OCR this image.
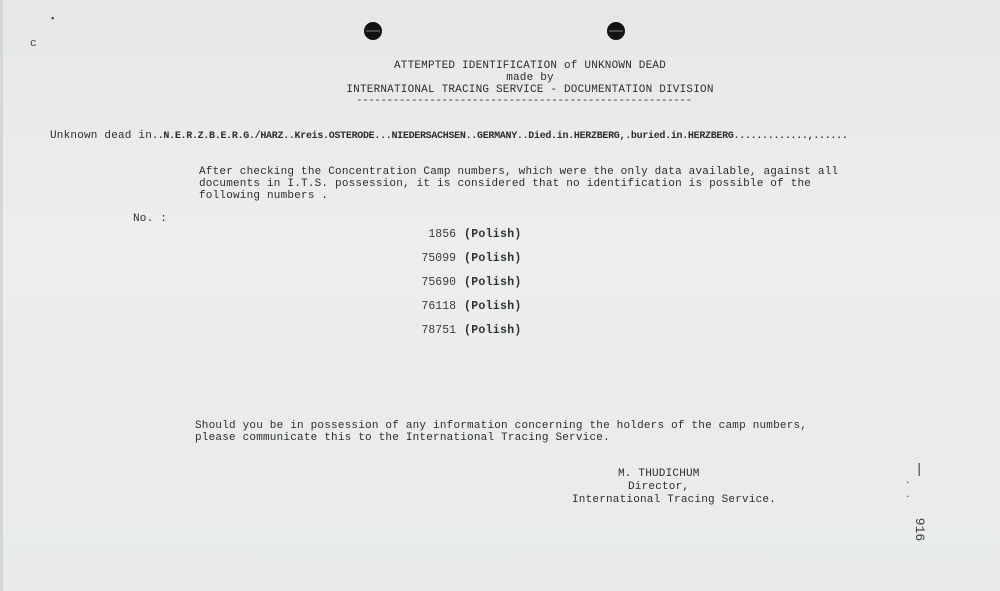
▪
c
ATTEMPTED IDENTIFICATION of UNKNOWN DEAD
made by
INTERNATIONAL TRACING SERVICE - DOCUMENTATION DIVISION
-------------------------------------------------------
Unknown dead in..N.E.R.Z.B.E.R.G./HARZ..Kreis.OSTERODE...NIEDERSACHSEN..GERMANY..Died.in.HERZBERG,.buried.in.HERZBERG.............,......
After checking the Concentration Camp numbers, which were the only data available, against all
documents in I.T.S. possession, it is considered that no identification is possible of the
following numbers .
No. :
1856 (Polish)
75099 (Polish)
75690 (Polish)
76118 (Polish)
78751 (Polish)
Should you be in possession of any information concerning the holders of the camp numbers,
please communicate this to the International Tracing Service.
M. THUDICHUM
Director,
International Tracing Service.
|
·
·
916
